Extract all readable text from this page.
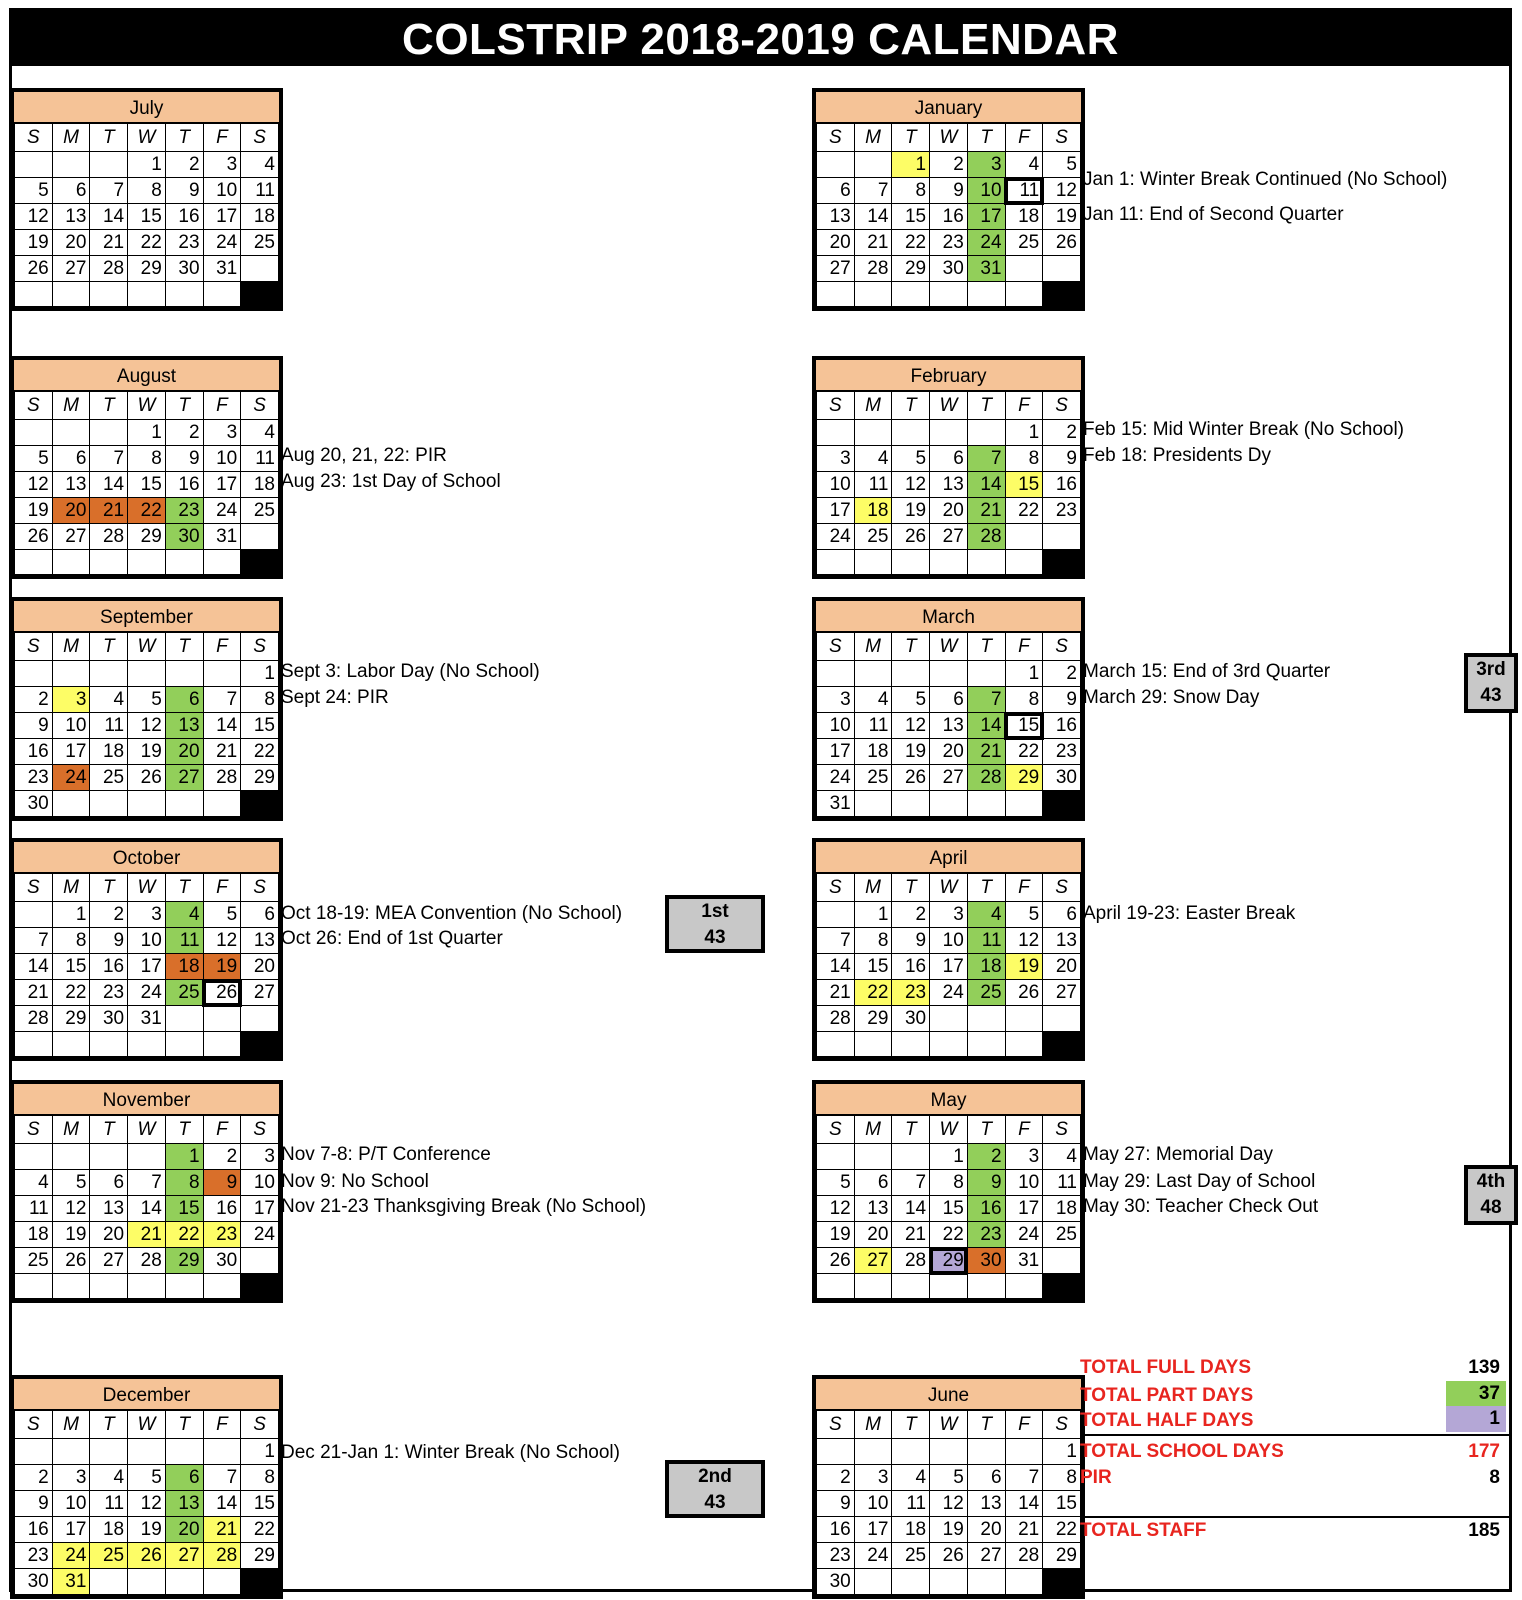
COLSTRIP 2018-2019 CALENDAR
July
S	M	T	W	T	F	S
			1	2	3	4
5	6	7	8	9	10	11
12	13	14	15	16	17	18
19	20	21	22	23	24	25
26	27	28	29	30	31	

August
S	M	T	W	T	F	S
			1	2	3	4
5	6	7	8	9	10	11
12	13	14	15	16	17	18
19	20	21	22	23	24	25
26	27	28	29	30	31	

September
S	M	T	W	T	F	S
						1
2	3	4	5	6	7	8
9	10	11	12	13	14	15
16	17	18	19	20	21	22
23	24	25	26	27	28	29
30						
October
S	M	T	W	T	F	S
	1	2	3	4	5	6
7	8	9	10	11	12	13
14	15	16	17	18	19	20
21	22	23	24	25	26	27
28	29	30	31			

November
S	M	T	W	T	F	S
				1	2	3
4	5	6	7	8	9	10
11	12	13	14	15	16	17
18	19	20	21	22	23	24
25	26	27	28	29	30	

December
S	M	T	W	T	F	S
						1
2	3	4	5	6	7	8
9	10	11	12	13	14	15
16	17	18	19	20	21	22
23	24	25	26	27	28	29
30	31					
January
S	M	T	W	T	F	S
		1	2	3	4	5
6	7	8	9	10	11	12
13	14	15	16	17	18	19
20	21	22	23	24	25	26
27	28	29	30	31		

February
S	M	T	W	T	F	S
					1	2
3	4	5	6	7	8	9
10	11	12	13	14	15	16
17	18	19	20	21	22	23
24	25	26	27	28		

March
S	M	T	W	T	F	S
					1	2
3	4	5	6	7	8	9
10	11	12	13	14	15	16
17	18	19	20	21	22	23
24	25	26	27	28	29	30
31						
April
S	M	T	W	T	F	S
	1	2	3	4	5	6
7	8	9	10	11	12	13
14	15	16	17	18	19	20
21	22	23	24	25	26	27
28	29	30				

May
S	M	T	W	T	F	S
			1	2	3	4
5	6	7	8	9	10	11
12	13	14	15	16	17	18
19	20	21	22	23	24	25
26	27	28	29	30	31	

June
S	M	T	W	T	F	S
						1
2	3	4	5	6	7	8
9	10	11	12	13	14	15
16	17	18	19	20	21	22
23	24	25	26	27	28	29
30						
Aug 20, 21, 22: PIR
Aug 23: 1st Day of School
Sept 3: Labor Day (No School)
Sept 24: PIR
Oct 18-19: MEA Convention (No School)
Oct 26: End of 1st Quarter
Nov 7-8: P/T Conference
Nov 9: No School
Nov 21-23 Thanksgiving Break (No School)
Dec 21-Jan 1: Winter Break (No School)
Jan 1: Winter Break Continued (No School)
Jan 11: End of Second Quarter
Feb 15: Mid Winter Break (No School)
Feb 18: Presidents Dy
March 15: End of 3rd Quarter
March 29: Snow Day
April 19-23: Easter Break
May 27: Memorial Day
May 29: Last Day of School
May 30: Teacher Check Out
1st
43
2nd
43
3rd
43
4th
48
TOTAL FULL DAYS	139
TOTAL PART DAYS	37
TOTAL HALF DAYS	1
TOTAL SCHOOL DAYS	177
PIR	8
TOTAL STAFF	185
